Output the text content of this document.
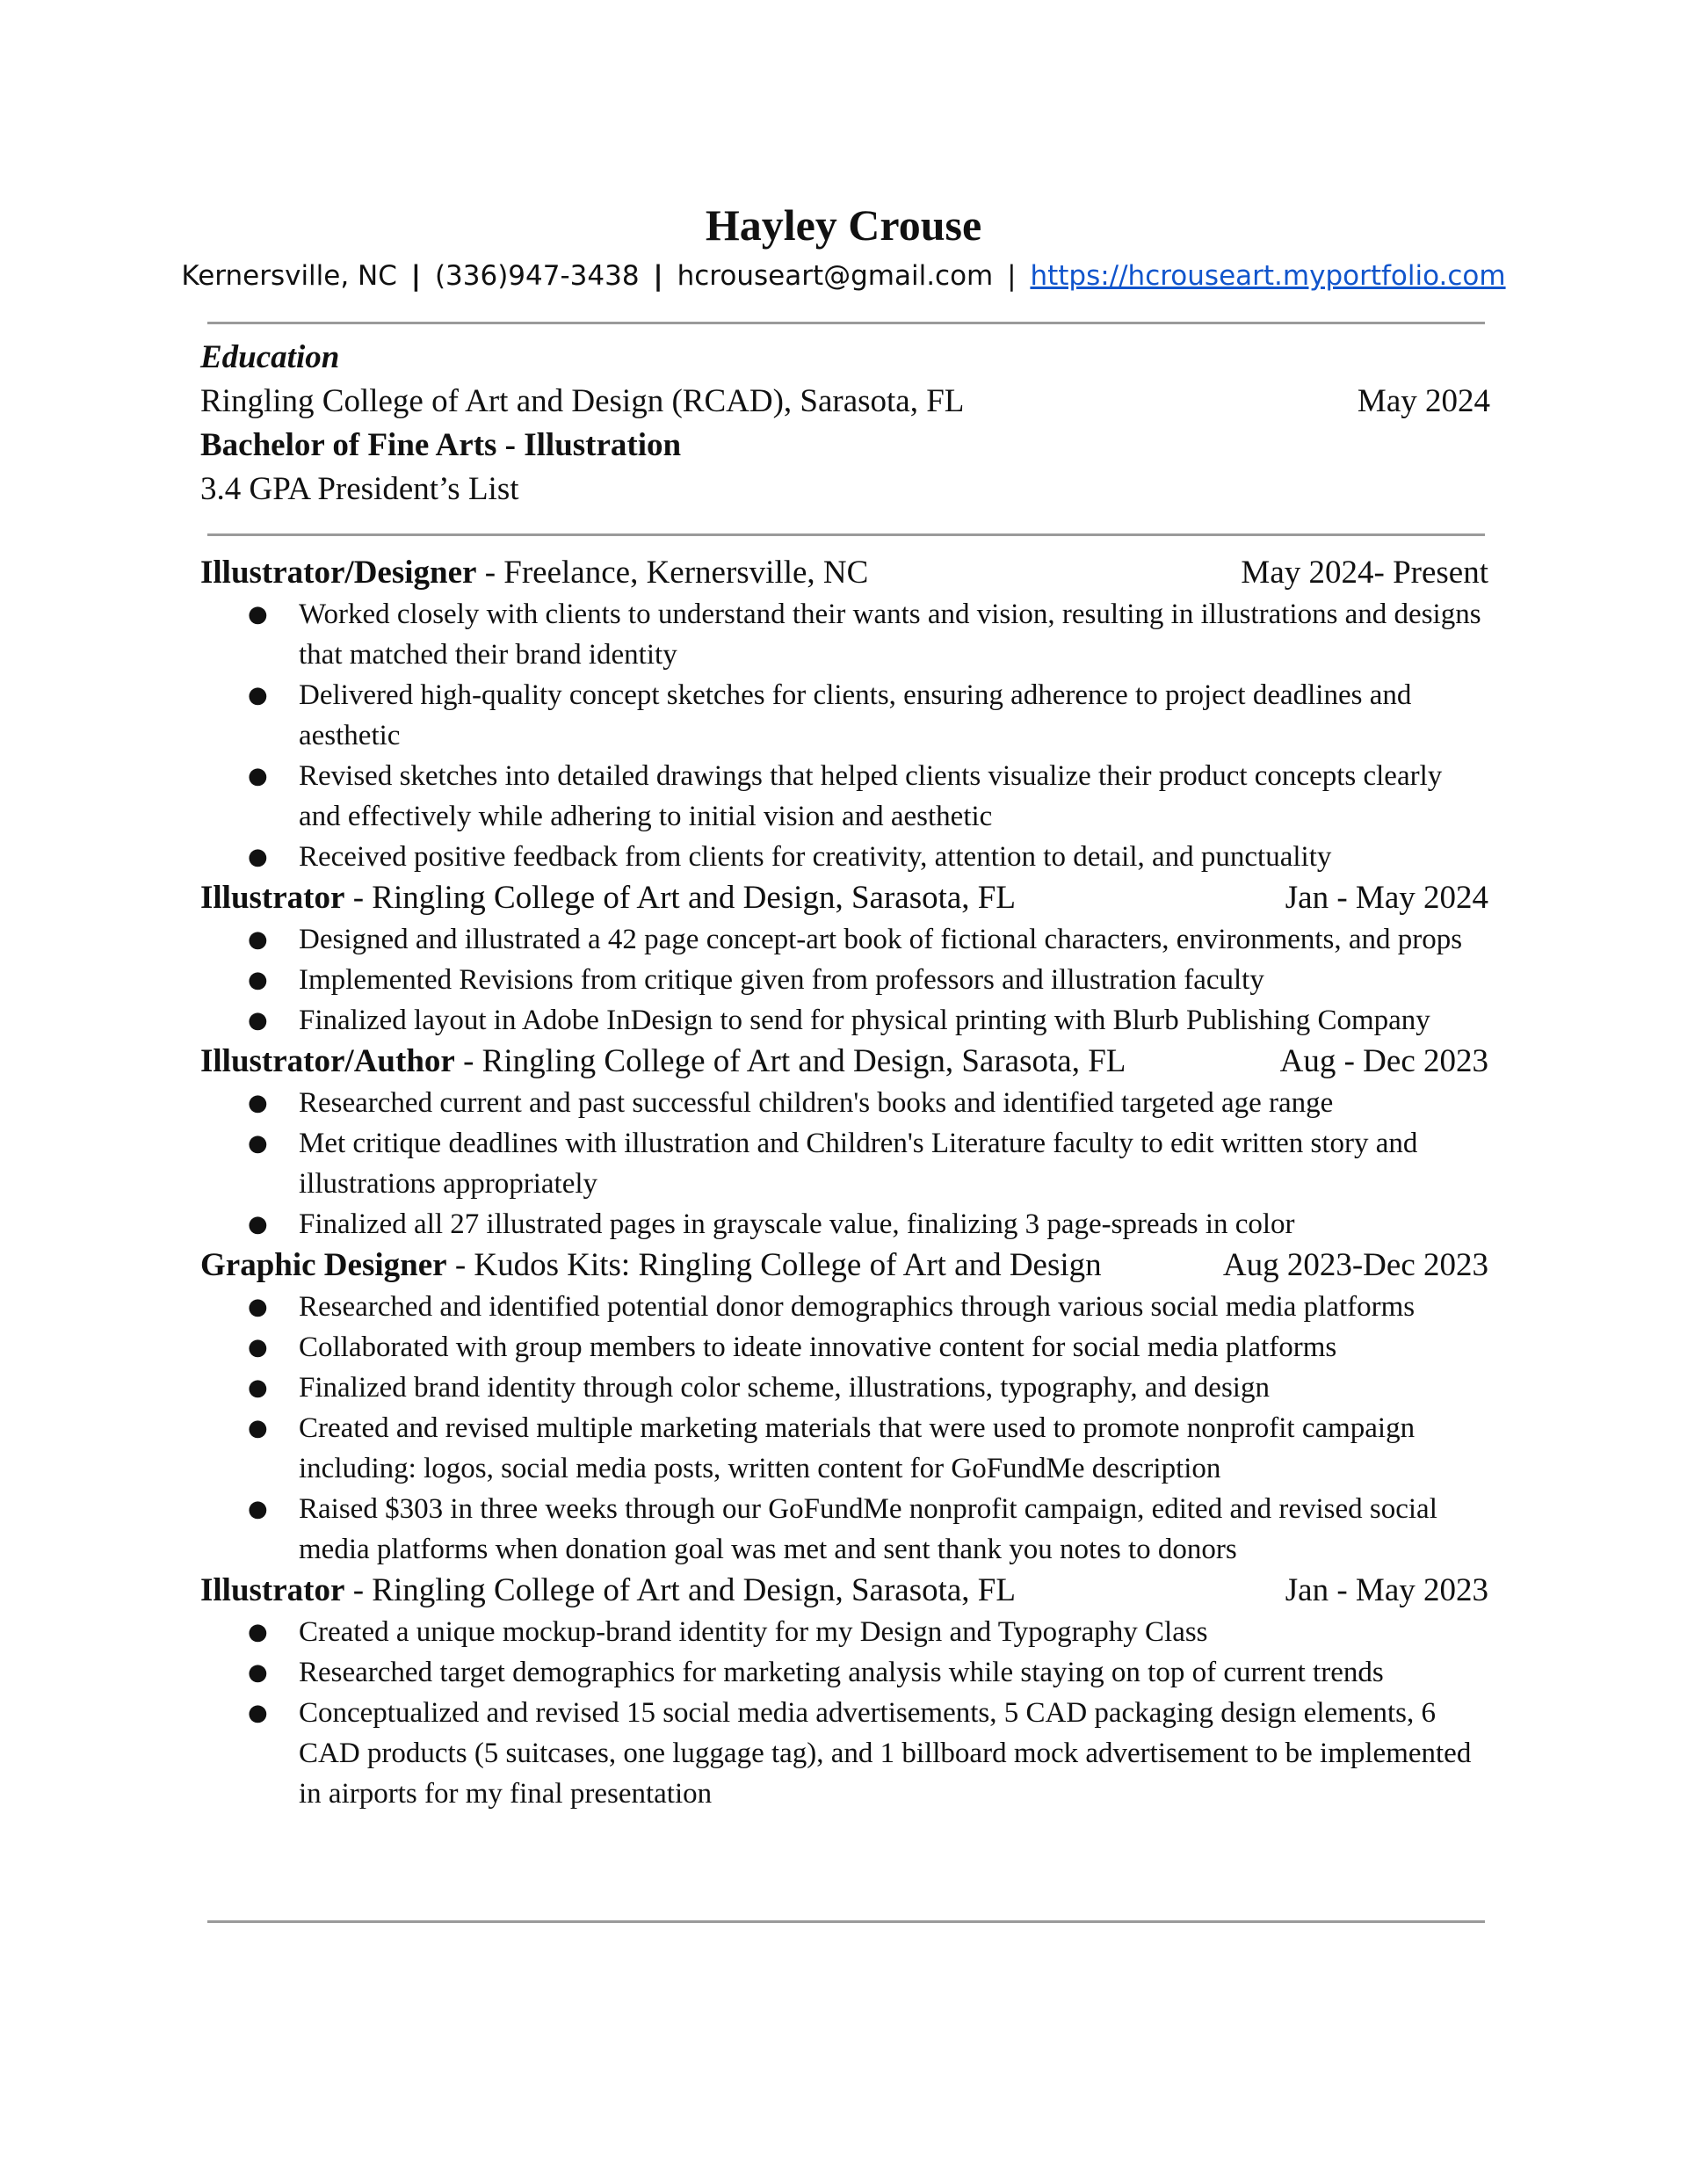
Hayley Crouse
Kernersville, NC | (336)947-3438 | hcrouseart@gmail.com | https://hcrouseart.myportfolio.com
Education
Ringling College of Art and Design (RCAD), Sarasota, FL	May 2024
Bachelor of Fine Arts - Illustration
3.4 GPA President’s List
Illustrator/Designer - Freelance, Kernersville, NC	May 2024- Present
● Worked closely with clients to understand their wants and vision, resulting in illustrations and designs that matched their brand identity
● Delivered high-quality concept sketches for clients, ensuring adherence to project deadlines and aesthetic
● Revised sketches into detailed drawings that helped clients visualize their product concepts clearly and effectively while adhering to initial vision and aesthetic
● Received positive feedback from clients for creativity, attention to detail, and punctuality
Illustrator - Ringling College of Art and Design, Sarasota, FL	Jan - May 2024
● Designed and illustrated a 42 page concept-art book of fictional characters, environments, and props
● Implemented Revisions from critique given from professors and illustration faculty
● Finalized layout in Adobe InDesign to send for physical printing with Blurb Publishing Company
Illustrator/Author - Ringling College of Art and Design, Sarasota, FL	Aug - Dec 2023
● Researched current and past successful children's books and identified targeted age range
● Met critique deadlines with illustration and Children's Literature faculty to edit written story and illustrations appropriately
● Finalized all 27 illustrated pages in grayscale value, finalizing 3 page-spreads in color
Graphic Designer - Kudos Kits: Ringling College of Art and Design	Aug 2023-Dec 2023
● Researched and identified potential donor demographics through various social media platforms
● Collaborated with group members to ideate innovative content for social media platforms
● Finalized brand identity through color scheme, illustrations, typography, and design
● Created and revised multiple marketing materials that were used to promote nonprofit campaign including: logos, social media posts, written content for GoFundMe description
● Raised $303 in three weeks through our GoFundMe nonprofit campaign, edited and revised social media platforms when donation goal was met and sent thank you notes to donors
Illustrator - Ringling College of Art and Design, Sarasota, FL	Jan - May 2023
● Created a unique mockup-brand identity for my Design and Typography Class
● Researched target demographics for marketing analysis while staying on top of current trends
● Conceptualized and revised 15 social media advertisements, 5 CAD packaging design elements, 6 CAD products (5 suitcases, one luggage tag), and 1 billboard mock advertisement to be implemented in airports for my final presentation
